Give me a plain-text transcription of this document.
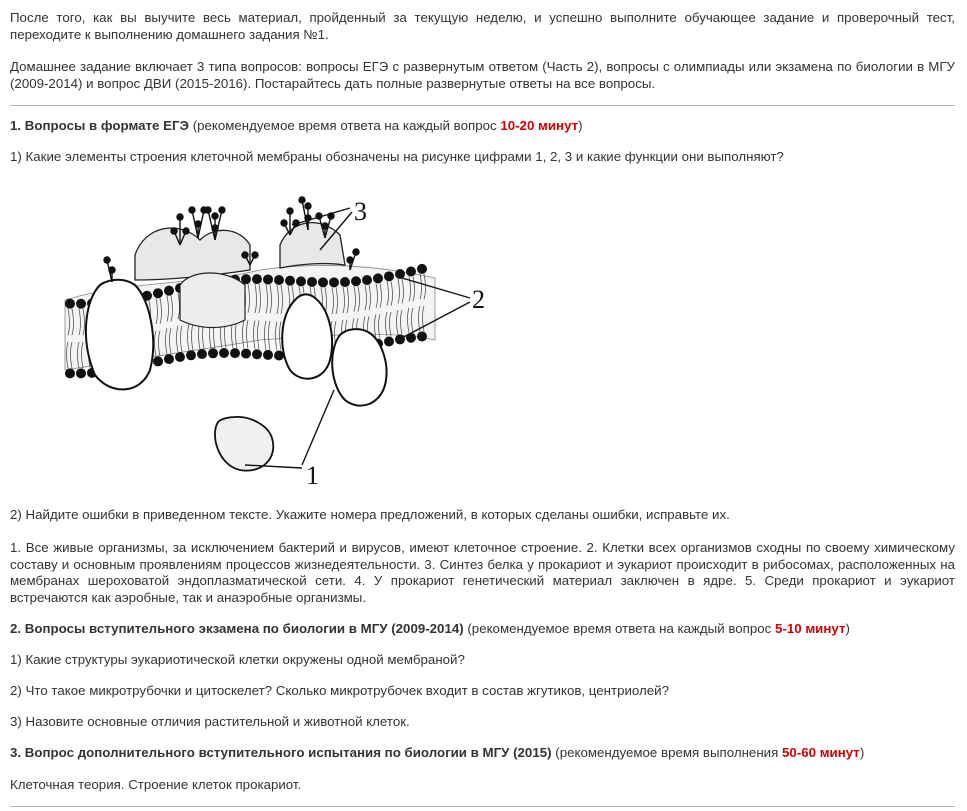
После того, как вы выучите весь материал, пройденный за текущую неделю, и успешно выполните обучающее задание и проверочный тест, переходите к выполнению домашнего задания №1.

Домашнее задание включает 3 типа вопросов: вопросы ЕГЭ с развернутым ответом (Часть 2), вопросы с олимпиады или экзамена по биологии в МГУ (2009-2014) и вопрос ДВИ (2015-2016). Постарайтесь дать полные развернутые ответы на все вопросы.

1. Вопросы в формате ЕГЭ (рекомендуемое время ответа на каждый вопрос 10-20 минут)

1) Какие элементы строения клеточной мембраны обозначены на рисунке цифрами 1, 2, 3 и какие функции они выполняют?

3
2
1

2) Найдите ошибки в приведенном тексте. Укажите номера предложений, в которых сделаны ошибки, исправьте их.

1. Все живые организмы, за исключением бактерий и вирусов, имеют клеточное строение. 2. Клетки всех организмов сходны по своему химическому составу и основным проявлениям процессов жизнедеятельности. 3. Синтез белка у прокариот и эукариот происходит в рибосомах, расположенных на мембранах шероховатой эндоплазматической сети. 4. У прокариот генетический материал заключен в ядре. 5. Среди прокариот и эукариот встречаются как аэробные, так и анаэробные организмы.

2. Вопросы вступительного экзамена по биологии в МГУ (2009-2014) (рекомендуемое время ответа на каждый вопрос 5-10 минут)

1) Какие структуры эукариотической клетки окружены одной мембраной?

2) Что такое микротрубочки и цитоскелет? Сколько микротрубочек входит в состав жгутиков, центриолей?

3) Назовите основные отличия растительной и животной клеток.

3. Вопрос дополнительного вступительного испытания по биологии в МГУ (2015) (рекомендуемое время выполнения 50-60 минут)

Клеточная теория. Строение клеток прокариот.
